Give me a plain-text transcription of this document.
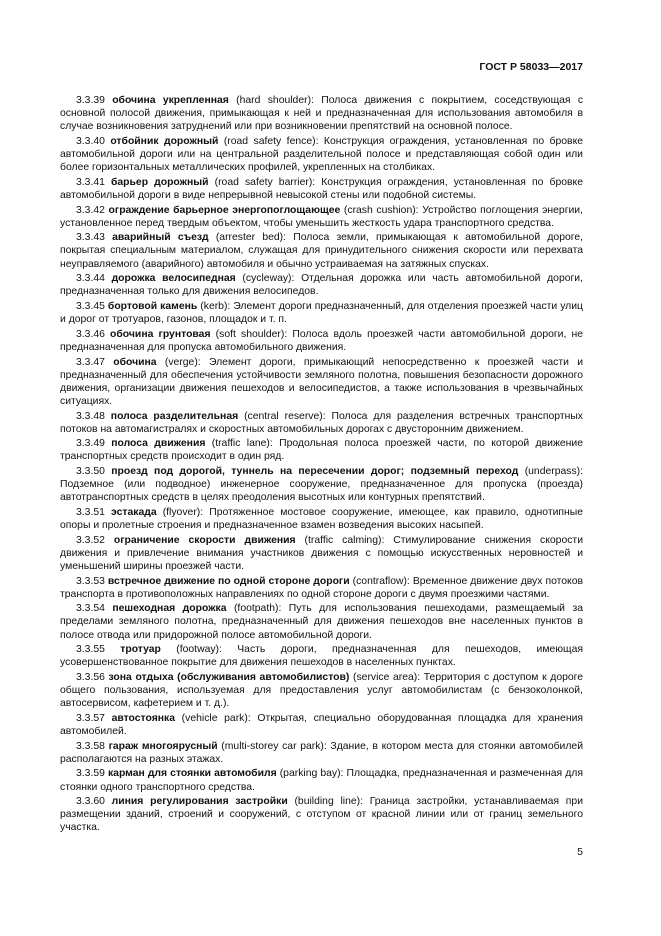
ГОСТ Р 58033—2017

3.3.39 обочина укрепленная (hard shoulder): Полоса движения с покрытием, соседствующая с основной полосой движения, примыкающая к ней и предназначенная для использования автомобиля в случае возникновения затруднений или при возникновении препятствий на основной полосе.

3.3.40 отбойник дорожный (road safety fence): Конструкция ограждения, установленная по бровке автомобильной дороги или на центральной разделительной полосе и представляющая собой один или более горизонтальных металлических профилей, укрепленных на столбиках.

3.3.41 барьер дорожный (road safety barrier): Конструкция ограждения, установленная по бровке автомобильной дороги в виде непрерывной невысокой стены или подобной системы.

3.3.42 ограждение барьерное энергопоглощающее (crash cushion): Устройство поглощения энергии, установленное перед твердым объектом, чтобы уменьшить жесткость удара транспортного средства.

3.3.43 аварийный съезд (arrester bed): Полоса земли, примыкающая к автомобильной дороге, покрытая специальным материалом, служащая для принудительного снижения скорости или перехвата неуправляемого (аварийного) автомобиля и обычно устраиваемая на затяжных спусках.

3.3.44 дорожка велосипедная (cycleway): Отдельная дорожка или часть автомобильной дороги, предназначенная только для движения велосипедов.

3.3.45 бортовой камень (kerb): Элемент дороги предназначенный, для отделения проезжей части улиц и дорог от тротуаров, газонов, площадок и т. п.

3.3.46 обочина грунтовая (soft shoulder): Полоса вдоль проезжей части автомобильной дороги, не предназначенная для пропуска автомобильного движения.

3.3.47 обочина (verge): Элемент дороги, примыкающий непосредственно к проезжей части и предназначенный для обеспечения устойчивости земляного полотна, повышения безопасности дорожного движения, организации движения пешеходов и велосипедистов, а также использования в чрезвычайных ситуациях.

3.3.48 полоса разделительная (central reserve): Полоса для разделения встречных транспортных потоков на автомагистралях и скоростных автомобильных дорогах с двусторонним движением.

3.3.49 полоса движения (traffic lane): Продольная полоса проезжей части, по которой движение транспортных средств происходит в один ряд.

3.3.50 проезд под дорогой, туннель на пересечении дорог; подземный переход (underpass): Подземное (или подводное) инженерное сооружение, предназначенное для пропуска (проезда) автотранспортных средств в целях преодоления высотных или контурных препятствий.

3.3.51 эстакада (flyover): Протяженное мостовое сооружение, имеющее, как правило, однотипные опоры и пролетные строения и предназначенное взамен возведения высоких насыпей.

3.3.52 ограничение скорости движения (traffic calming): Стимулирование снижения скорости движения и привлечение внимания участников движения с помощью искусственных неровностей и уменьшений ширины проезжей части.

3.3.53 встречное движение по одной стороне дороги (contraflow): Временное движение двух потоков транспорта в противоположных направлениях по одной стороне дороги с двумя проезжими частями.

3.3.54 пешеходная дорожка (footpath): Путь для использования пешеходами, размещаемый за пределами земляного полотна, предназначенный для движения пешеходов вне населенных пунктов в полосе отвода или придорожной полосе автомобильной дороги.

3.3.55 тротуар (footway): Часть дороги, предназначенная для пешеходов, имеющая усовершенствованное покрытие для движения пешеходов в населенных пунктах.

3.3.56 зона отдыха (обслуживания автомобилистов) (service area): Территория с доступом к дороге общего пользования, используемая для предоставления услуг автомобилистам (с бензоколонкой, автосервисом, кафетерием и т. д.).

3.3.57 автостоянка (vehicle park): Открытая, специально оборудованная площадка для хранения автомобилей.

3.3.58 гараж многоярусный (multi-storey car park): Здание, в котором места для стоянки автомобилей располагаются на разных этажах.

3.3.59 карман для стоянки автомобиля (parking bay): Площадка, предназначенная и размеченная для стоянки одного транспортного средства.

3.3.60 линия регулирования застройки (building line): Граница застройки, устанавливаемая при размещении зданий, строений и сооружений, с отступом от красной линии или от границ земельного участка.

5
